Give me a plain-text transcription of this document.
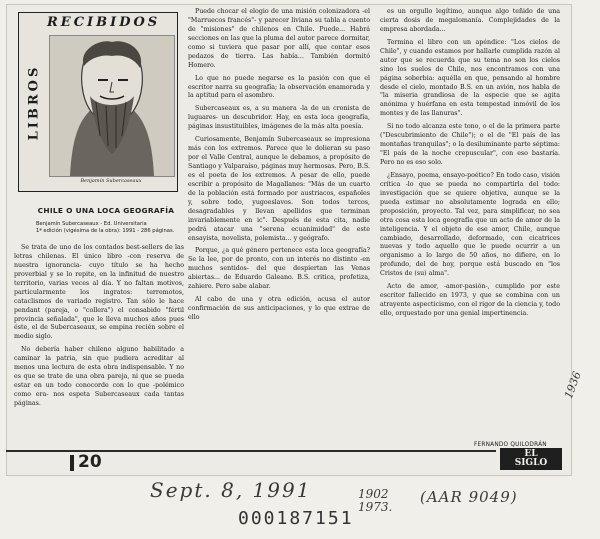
LIBROS
RECIBIDOS
Benjamín Subercaseaux
CHILE O UNA LOCA GEOGRAFÍA
Benjamín Subercaseaux - Ed. Universitaria
1ª edición (vigésima de la obra): 1991 - 286 páginas.

Se trata de uno de los contados best-sellers de las letras chilenas. El único libro -con reserva de nuestra ignorancia- cuyo título se ha hecho proverbial y se lo repite, en la infinitud de nuestro territorio, varias veces al día. Y no faltan motivos, particularmente los ingratos: terremotos, cataclismos de variado registro. Tan sólo le hace pendant (pareja, o "collera") el consabido "fértil provincia señalada", que le lleva muchos años pues éste, el de Subercaseaux, se empina recién sobre el medio siglo.

No debería haber chileno alguno habilitado a caminar la patria, sin que pudiera acreditar al menos una lectura de esta obra indispensable. Y no es que se trate de una obra pareja, ni que se pueda estar en un todo conocorde con lo que -polémico como era- nos espeta Subercaseaux cada tantas páginas.

Puede chocar el elogio de una misión colonizadora -el "Marruecos francés"- y parecer liviana su tabla a cuento de "misiones" de chilenos en Chile. Puede... Habrá secciones en las que la pluma del autor parece dormitar, como si tuviera que pasar por allí, que contar esos pedazos de tierra. Las había... También dormitó Homero.

Lo que no puede negarse es la pasión con que el escritor narra su geografía; la observación enamorada y la aptitud para el asombro.

Subercaseaux es, a su manera -la de un cronista de luguares- un descubridor. Hay, en esta loca geografía, páginas insustituibles, imágenes de la más alta poesía.

Curiosamente, Benjamín Subercaseaux se impresiona más con los extremos. Parece que le dolieran su paso por el Valle Central, aunque le debamos, a propósito de Santiago y Valparaíso, páginas muy hermosas. Pero, B.S. es el poeta de los extremos. A pesar de ello, puede escribir a propósito de Magallanes: "Más de un cuarto de la población está formado por austriacos, españoles y, sobre todo, yugoeslavos. Son todos tercos, desagradables y llevan apellidos que terminan invariablemente en ic". Después de esta cita, nadie podrá atacar una "serena ecuanimidad" de este ensayista, novelista, polemista... y geógrafo.

Porque, ¿a qué género pertenece esta loca geografía? Se la lee, por de pronto, con un interés no distinto -en muchos sentidos- del que despiertan las Venas abiertas... de Eduardo Galeano. B.S. critica, profetiza, zahiere. Pero sabe alabar.

Al cabo de una y otra edición, acusa el autor confirmación de sus anticipaciones, y lo que extrae de ello

es un orgullo legítimo, aunque algo teñido de una cierta dosis de megalomanía. Complejidades de la empresa abordada...

Termina el libro con un apéndice: "Los cielos de Chile", y cuando estamos por hallarle cumplida razón al autor que se recuerda que su tema no son los cielos sino los suelos de Chile, nos encontramos con una página soberbia: aquélla en que, pensando al hombre desde el cielo, montado B.S. en un avión, nos habla de "la miseria grandiosa de la especie que se agita anónima y huérfana en esta tempestad inmóvil de los montes y de las llanuras".

Si no todo alcanza este tono, o el de la primera parte ("Descubrimiento de Chile"); o el de "El país de las montañas tranquilas"; o la desiluminante parte séptima: "El país de la noche crepuscular", con eso bastaría. Pero no es eso solo.

¿Ensayo, poema, ensayo-poético? En todo caso, visión crítica -lo que se pueda no compartirla del todo: investigación que se quiere objetiva, aunque se la pueda estimar no absolutamente lograda en ello; proposición, proyecto. Tal vez, para simplificar, no sea otra cosa esta loca geografía que un acto de amor de la inteligencia. Y el objeto de ese amor, Chile, aunque cambiado, desarrollado, deformado, con cicatrices nuevas y todo aquello que le puede ocurrir a un organismo a lo largo de 50 años, no difiere, en lo profundo, del de hoy, porque está buscado en "los Cristos de (su) alma".

Acto de amor, -amor-pasión-, cumplido por este escritor fallecido en 1973, y que se combina con un atrayente aspecticismo, con el rigor de la ciencia y, todo ello, orquestado por una genial impertinencia.

FERNANDO QUILODRÁN
20	EL
SIGLO
Sept. 8, 1991
000187151
1902
1973.
(AAR 9049)
1936
